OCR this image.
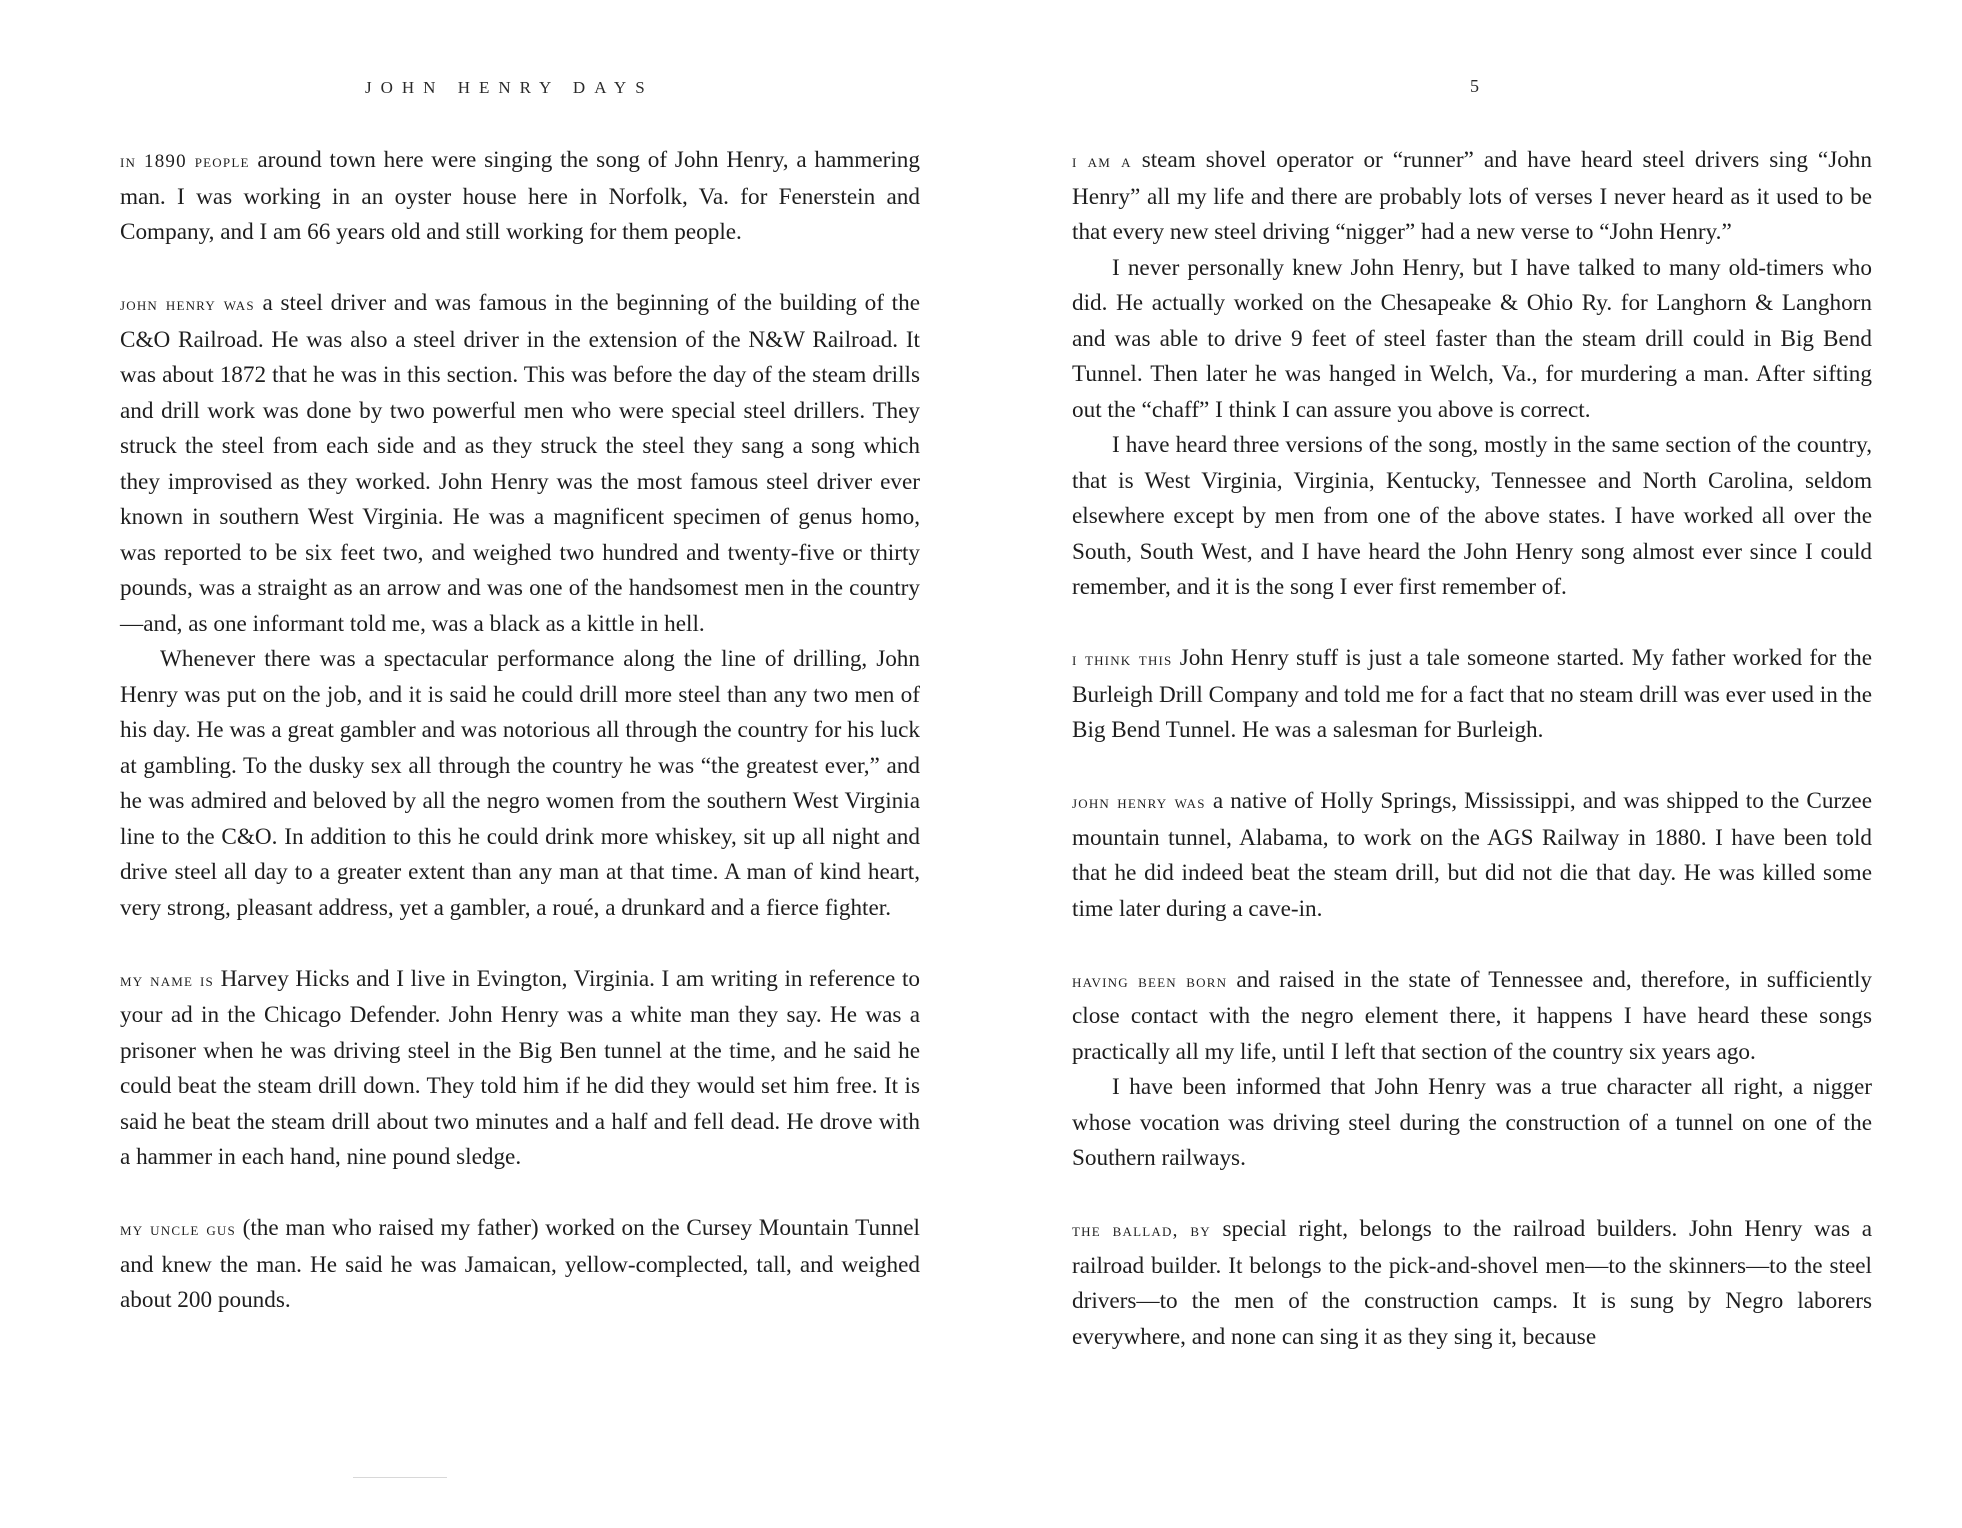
JOHN HENRY DAYS

in 1890 people around town here were singing the song of John Henry, a hammering man. I was working in an oyster house here in Norfolk, Va. for Fenerstein and Company, and I am 66 years old and still working for them people.

john henry was a steel driver and was famous in the beginning of the building of the C&O Railroad. He was also a steel driver in the extension of the N&W Railroad. It was about 1872 that he was in this section. This was before the day of the steam drills and drill work was done by two powerful men who were special steel drillers. They struck the steel from each side and as they struck the steel they sang a song which they improvised as they worked. John Henry was the most famous steel driver ever known in southern West Virginia. He was a magnificent specimen of genus homo, was reported to be six feet two, and weighed two hundred and twenty-five or thirty pounds, was a straight as an arrow and was one of the handsomest men in the country—and, as one informant told me, was a black as a kittle in hell.

Whenever there was a spectacular performance along the line of drilling, John Henry was put on the job, and it is said he could drill more steel than any two men of his day. He was a great gambler and was notorious all through the country for his luck at gambling. To the dusky sex all through the country he was “the greatest ever,” and he was admired and beloved by all the negro women from the southern West Virginia line to the C&O. In addition to this he could drink more whiskey, sit up all night and drive steel all day to a greater extent than any man at that time. A man of kind heart, very strong, pleasant address, yet a gambler, a roué, a drunkard and a fierce fighter.

my name is Harvey Hicks and I live in Evington, Virginia. I am writing in reference to your ad in the Chicago Defender. John Henry was a white man they say. He was a prisoner when he was driving steel in the Big Ben tunnel at the time, and he said he could beat the steam drill down. They told him if he did they would set him free. It is said he beat the steam drill about two minutes and a half and fell dead. He drove with a hammer in each hand, nine pound sledge.

my uncle gus (the man who raised my father) worked on the Cursey Mountain Tunnel and knew the man. He said he was Jamaican, yellow-complected, tall, and weighed about 200 pounds.

5

i am a steam shovel operator or “runner” and have heard steel drivers sing “John Henry” all my life and there are probably lots of verses I never heard as it used to be that every new steel driving “nigger” had a new verse to “John Henry.”

I never personally knew John Henry, but I have talked to many old-timers who did. He actually worked on the Chesapeake & Ohio Ry. for Langhorn & Langhorn and was able to drive 9 feet of steel faster than the steam drill could in Big Bend Tunnel. Then later he was hanged in Welch, Va., for murdering a man. After sifting out the “chaff” I think I can assure you above is correct.

I have heard three versions of the song, mostly in the same section of the country, that is West Virginia, Virginia, Kentucky, Tennessee and North Carolina, seldom elsewhere except by men from one of the above states. I have worked all over the South, South West, and I have heard the John Henry song almost ever since I could remember, and it is the song I ever first remember of.

i think this John Henry stuff is just a tale someone started. My father worked for the Burleigh Drill Company and told me for a fact that no steam drill was ever used in the Big Bend Tunnel. He was a salesman for Burleigh.

john henry was a native of Holly Springs, Mississippi, and was shipped to the Curzee mountain tunnel, Alabama, to work on the AGS Railway in 1880. I have been told that he did indeed beat the steam drill, but did not die that day. He was killed some time later during a cave-in.

having been born and raised in the state of Tennessee and, therefore, in sufficiently close contact with the negro element there, it happens I have heard these songs practically all my life, until I left that section of the country six years ago.

I have been informed that John Henry was a true character all right, a nigger whose vocation was driving steel during the construction of a tunnel on one of the Southern railways.

the ballad, by special right, belongs to the railroad builders. John Henry was a railroad builder. It belongs to the pick-and-shovel men—to the skinners—to the steel drivers—to the men of the construction camps. It is sung by Negro laborers everywhere, and none can sing it as they sing it, because
